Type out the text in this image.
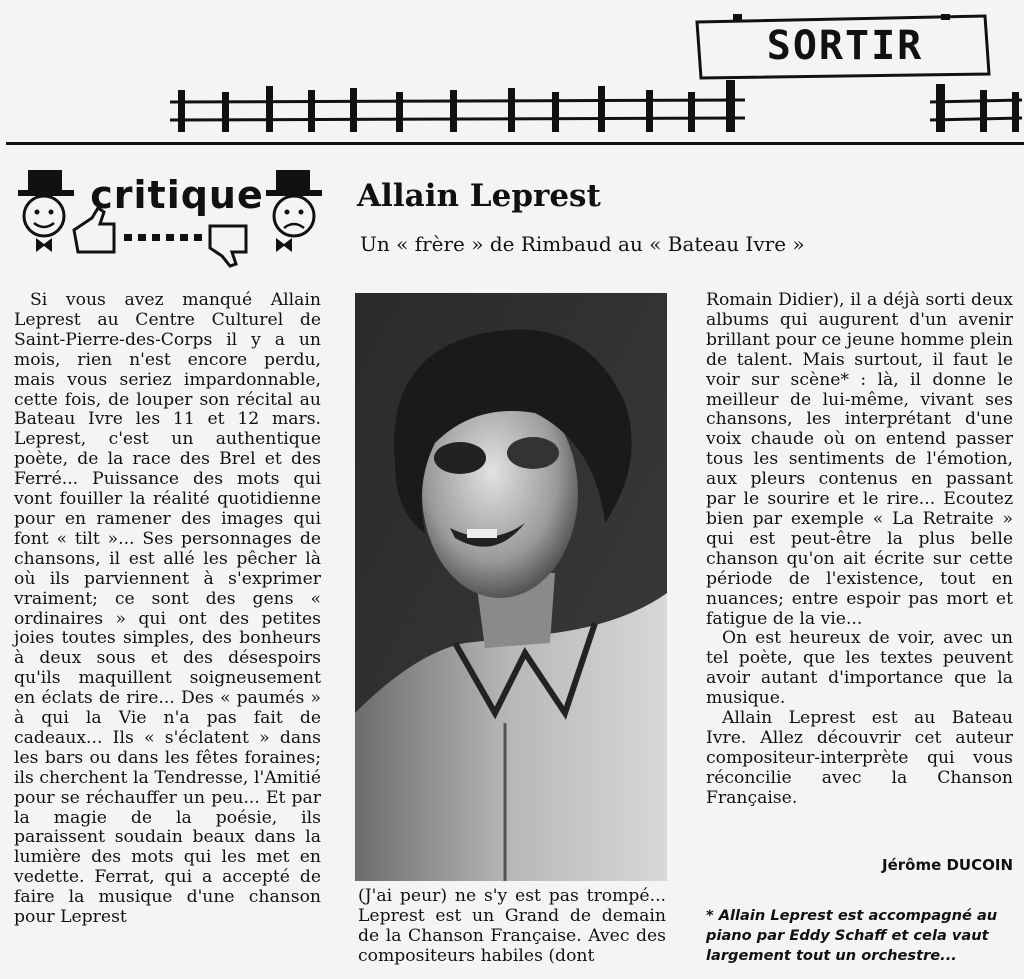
SORTIR
critique	Allain Leprest
Un « frère » de Rimbaud au « Bateau Ivre »

Si vous avez manqué Allain Leprest au Centre Culturel de Saint-Pierre-des-Corps il y a un mois, rien n'est encore perdu, mais vous seriez impardonnable, cette fois, de louper son récital au Bateau Ivre les 11 et 12 mars. Leprest, c'est un authentique poète, de la race des Brel et des Ferré... Puissance des mots qui vont fouiller la réalité quotidienne pour en ramener des images qui font « tilt »... Ses personnages de chansons, il est allé les pêcher là où ils parviennent à s'exprimer vraiment; ce sont des gens « ordinaires » qui ont des petites joies toutes simples, des bonheurs à deux sous et des désespoirs qu'ils maquillent soigneusement en éclats de rire... Des « paumés » à qui la Vie n'a pas fait de cadeaux... Ils « s'éclatent » dans les bars ou dans les fêtes foraines; ils cherchent la Tendresse, l'Amitié pour se réchauffer un peu... Et par la magie de la poésie, ils paraissent soudain beaux dans la lumière des mots qui les met en vedette. Ferrat, qui a accepté de faire la musique d'une chanson pour Leprest

(J'ai peur) ne s'y est pas trompé... Leprest est un Grand de demain de la Chanson Française. Avec des compositeurs habiles (dont

Romain Didier), il a déjà sorti deux albums qui augurent d'un avenir brillant pour ce jeune homme plein de talent. Mais surtout, il faut le voir sur scène* : là, il donne le meilleur de lui-même, vivant ses chansons, les interprétant d'une voix chaude où on entend passer tous les sentiments de l'émotion, aux pleurs contenus en passant par le sourire et le rire... Ecoutez bien par exemple « La Retraite » qui est peut-être la plus belle chanson qu'on ait écrite sur cette période de l'existence, tout en nuances; entre espoir pas mort et fatigue de la vie...

On est heureux de voir, avec un tel poète, que les textes peuvent avoir autant d'importance que la musique.

Allain Leprest est au Bateau Ivre. Allez découvrir cet auteur compositeur-interprète qui vous réconcilie avec la Chanson Française.

Jérôme DUCOIN
* Allain Leprest est accompagné au piano par Eddy Schaff et cela vaut largement tout un orchestre...
